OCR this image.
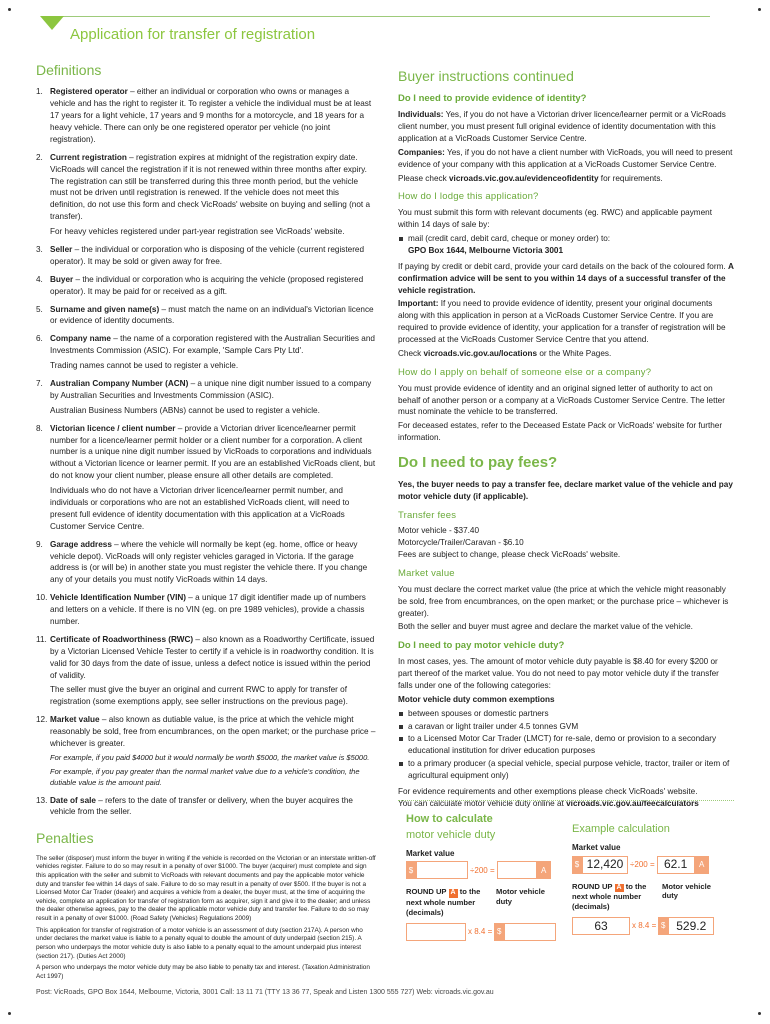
Application for transfer of registration
Definitions
1. Registered operator – either an individual or corporation who owns or manages a vehicle and has the right to register it. To register a vehicle the individual must be at least 17 years for a light vehicle, 17 years and 9 months for a motorcycle, and 18 years for a heavy vehicle. There can only be one registered operator per vehicle (no joint registration).
2. Current registration – registration expires at midnight of the registration expiry date. VicRoads will cancel the registration if it is not renewed within three months after expiry. The registration can still be transferred during this three month period, but the vehicle must not be driven until registration is renewed. If the vehicle does not meet this definition, do not use this form and check VicRoads' website on buying and selling (not a transfer).
For heavy vehicles registered under part-year registration see VicRoads' website.
3. Seller – the individual or corporation who is disposing of the vehicle (current registered operator). It may be sold or given away for free.
4. Buyer – the individual or corporation who is acquiring the vehicle (proposed registered operator). It may be paid for or received as a gift.
5. Surname and given name(s) – must match the name on an individual's Victorian licence or evidence of identity documents.
6. Company name – the name of a corporation registered with the Australian Securities and Investments Commission (ASIC). For example, 'Sample Cars Pty Ltd'.
Trading names cannot be used to register a vehicle.
7. Australian Company Number (ACN) – a unique nine digit number issued to a company by Australian Securities and Investments Commission (ASIC).
Australian Business Numbers (ABNs) cannot be used to register a vehicle.
8. Victorian licence / client number – provide a Victorian driver licence/learner permit number for a licence/learner permit holder or a client number for a corporation. A client number is a unique nine digit number issued by VicRoads to corporations and individuals without a Victorian licence or learner permit. If you are an established VicRoads client, but do not know your client number, please ensure all other details are completed.
Individuals who do not have a Victorian driver licence/learner permit number, and individuals or corporations who are not an established VicRoads client, will need to present full evidence of identity documentation with this application at a VicRoads Customer Service Centre.
9. Garage address – where the vehicle will normally be kept (eg. home, office or heavy vehicle depot). VicRoads will only register vehicles garaged in Victoria. If the garage address is (or will be) in another state you must register the vehicle there. If you change any of your details you must notify VicRoads within 14 days.
10. Vehicle Identification Number (VIN) – a unique 17 digit identifier made up of numbers and letters on a vehicle. If there is no VIN (eg. on pre 1989 vehicles), provide a chassis number.
11. Certificate of Roadworthiness (RWC) – also known as a Roadworthy Certificate, issued by a Victorian Licensed Vehicle Tester to certify if a vehicle is in roadworthy condition. It is valid for 30 days from the date of issue, unless a defect notice is issued within the period of validity.
The seller must give the buyer an original and current RWC to apply for transfer of registration (some exemptions apply, see seller instructions on the previous page).
12. Market value – also known as dutiable value, is the price at which the vehicle might reasonably be sold, free from encumbrances, on the open market; or the purchase price – whichever is greater.
For example, if you paid $4000 but it would normally be worth $5000, the market value is $5000.
For example, if you pay greater than the normal market value due to a vehicle's condition, the dutiable value is the amount paid.
13. Date of sale – refers to the date of transfer or delivery, when the buyer acquires the vehicle from the seller.
Penalties

The seller (disposer) must inform the buyer in writing if the vehicle is recorded on the Victorian or an interstate written-off vehicles register. Failure to do so may result in a penalty of over $1000. The buyer (acquirer) must complete and sign this application with the seller and submit to VicRoads with relevant documents and pay the applicable motor vehicle duty and transfer fee within 14 days of sale. Failure to do so may result in a penalty of over $500. If the buyer is not a Licensed Motor Car Trader (dealer) and acquires a vehicle from a dealer, the buyer must, at the time of acquiring the vehicle, complete an application for transfer of registration form as acquirer, sign it and give it to the dealer; and unless the dealer otherwise agrees, pay to the dealer the applicable motor vehicle duty and transfer fee. Failure to do so may result in a penalty of over $1000. (Road Safety (Vehicles) Regulations 2009)

This application for transfer of registration of a motor vehicle is an assessment of duty (section 217A). A person who under declares the market value is liable to a penalty equal to double the amount of duty underpaid (section 215). A person who underpays the motor vehicle duty is also liable to a penalty equal to the amount underpaid plus interest (section 217). (Duties Act 2000)

A person who underpays the motor vehicle duty may be also liable to penalty tax and interest. (Taxation Administration Act 1997)

Buyer instructions continued
Do I need to provide evidence of identity?

Individuals: Yes, if you do not have a Victorian driver licence/learner permit or a VicRoads client number, you must present full original evidence of identity documentation with this application at a VicRoads Customer Service Centre.

Companies: Yes, if you do not have a client number with VicRoads, you will need to present evidence of your company with this application at a VicRoads Customer Service Centre.

Please check vicroads.vic.gov.au/evidenceofidentity for requirements.

How do I lodge this application?

You must submit this form with relevant documents (eg. RWC) and applicable payment within 14 days of sale by:

mail (credit card, debit card, cheque or money order) to:
GPO Box 1644, Melbourne Victoria 3001

If paying by credit or debit card, provide your card details on the back of the coloured form. A confirmation advice will be sent to you within 14 days of a successful transfer of the vehicle registration.

Important: If you need to provide evidence of identity, present your original documents along with this application in person at a VicRoads Customer Service Centre. If you are required to provide evidence of identity, your application for a transfer of registration will be processed at the VicRoads Customer Service Centre that you attend.

Check vicroads.vic.gov.au/locations or the White Pages.

How do I apply on behalf of someone else or a company?

You must provide evidence of identity and an original signed letter of authority to act on behalf of another person or a company at a VicRoads Customer Service Centre. The letter must nominate the vehicle to be transferred.

For deceased estates, refer to the Deceased Estate Pack or VicRoads' website for further information.

Do I need to pay fees?

Yes, the buyer needs to pay a transfer fee, declare market value of the vehicle and pay motor vehicle duty (if applicable).

Transfer fees

Motor vehicle - $37.40

Motorcycle/Trailer/Caravan - $6.10

Fees are subject to change, please check VicRoads' website.

Market value

You must declare the correct market value (the price at which the vehicle might reasonably be sold, free from encumbrances, on the open market; or the purchase price – whichever is greater).

Both the seller and buyer must agree and declare the market value of the vehicle.

Do I need to pay motor vehicle duty?

In most cases, yes. The amount of motor vehicle duty payable is $8.40 for every $200 or part thereof of the market value. You do not need to pay motor vehicle duty if the transfer falls under one of the following categories:

Motor vehicle duty common exemptions

between spouses or domestic partners
a caravan or light trailer under 4.5 tonnes GVM
to a Licensed Motor Car Trader (LMCT) for re-sale, demo or provision to a secondary educational institution for driver education purposes
to a primary producer (a special vehicle, special purpose vehicle, tractor, trailer or item of agricultural equipment only)

For evidence requirements and other exemptions please check VicRoads' website.

You can calculate motor vehicle duty online at vicroads.vic.gov.au/feecalculators

How to calculate
motor vehicle duty
Market value
$	÷200 =	A
ROUND UP A to the next whole number (decimals)
Motor vehicle duty
x 8.4 = $
Example calculation
Market value
$ 12,420 ÷200 = 62.1	A
ROUND UP A to the next whole number (decimals)
Motor vehicle duty
63	x 8.4 = $ 529.2
Post: VicRoads, GPO Box 1644, Melbourne, Victoria, 3001 Call: 13 11 71 (TTY 13 36 77, Speak and Listen 1300 555 727) Web: vicroads.vic.gov.au
